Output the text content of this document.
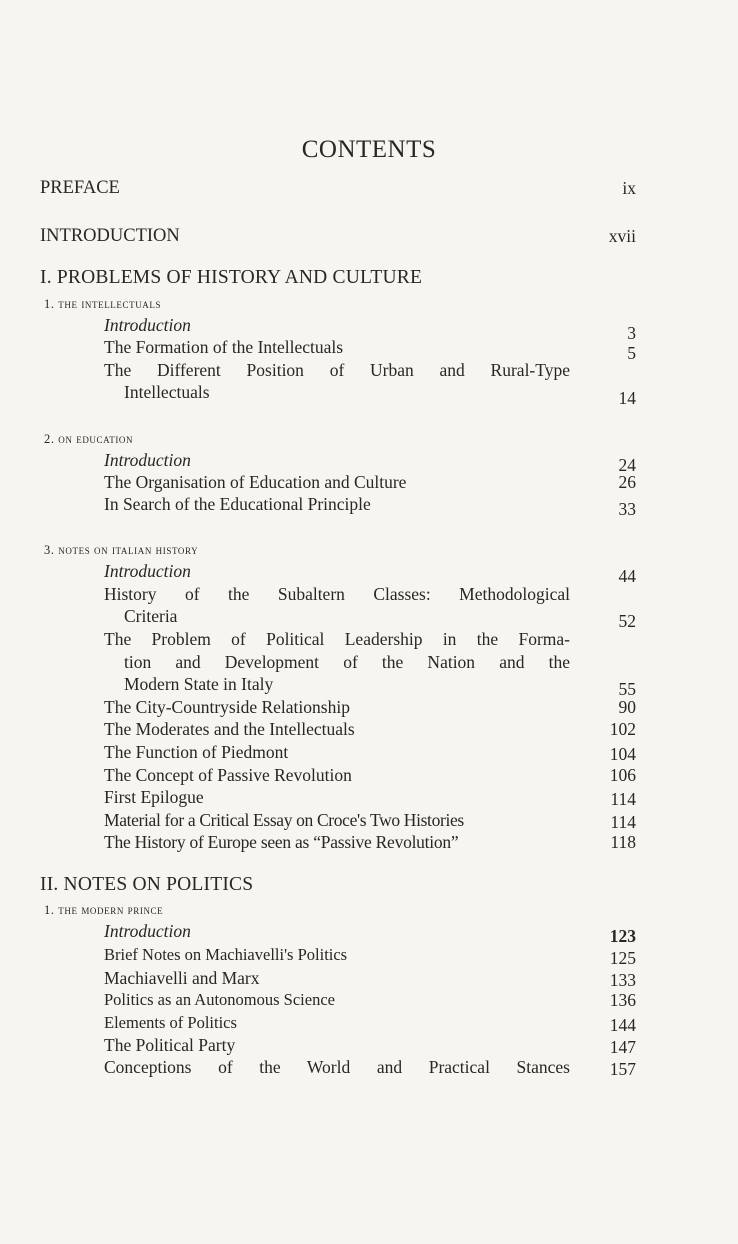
CONTENTS
PREFACE	ix
INTRODUCTION	xvii
I. PROBLEMS OF HISTORY AND CULTURE
1. the intellectuals
Introduction	3
The Formation of the Intellectuals	5
The Different Position of Urban and Rural-Type
Intellectuals	14
2. on education
Introduction	24
The Organisation of Education and Culture	26
In Search of the Educational Principle	33
3. notes on italian history
Introduction	44
History of the Subaltern Classes: Methodological
Criteria	52
The Problem of Political Leadership in the Forma-
tion and Development of the Nation and the
Modern State in Italy	55
The City-Countryside Relationship	90
The Moderates and the Intellectuals	102
The Function of Piedmont	104
The Concept of Passive Revolution	106
First Epilogue	114
Material for a Critical Essay on Croce's Two Histories	114
The History of Europe seen as “Passive Revolution”	118
II. NOTES ON POLITICS
1. the modern prince
Introduction	123
Brief Notes on Machiavelli's Politics	125
Machiavelli and Marx	133
Politics as an Autonomous Science	136
Elements of Politics	144
The Political Party	147
Conceptions of the World and Practical Stances 157
